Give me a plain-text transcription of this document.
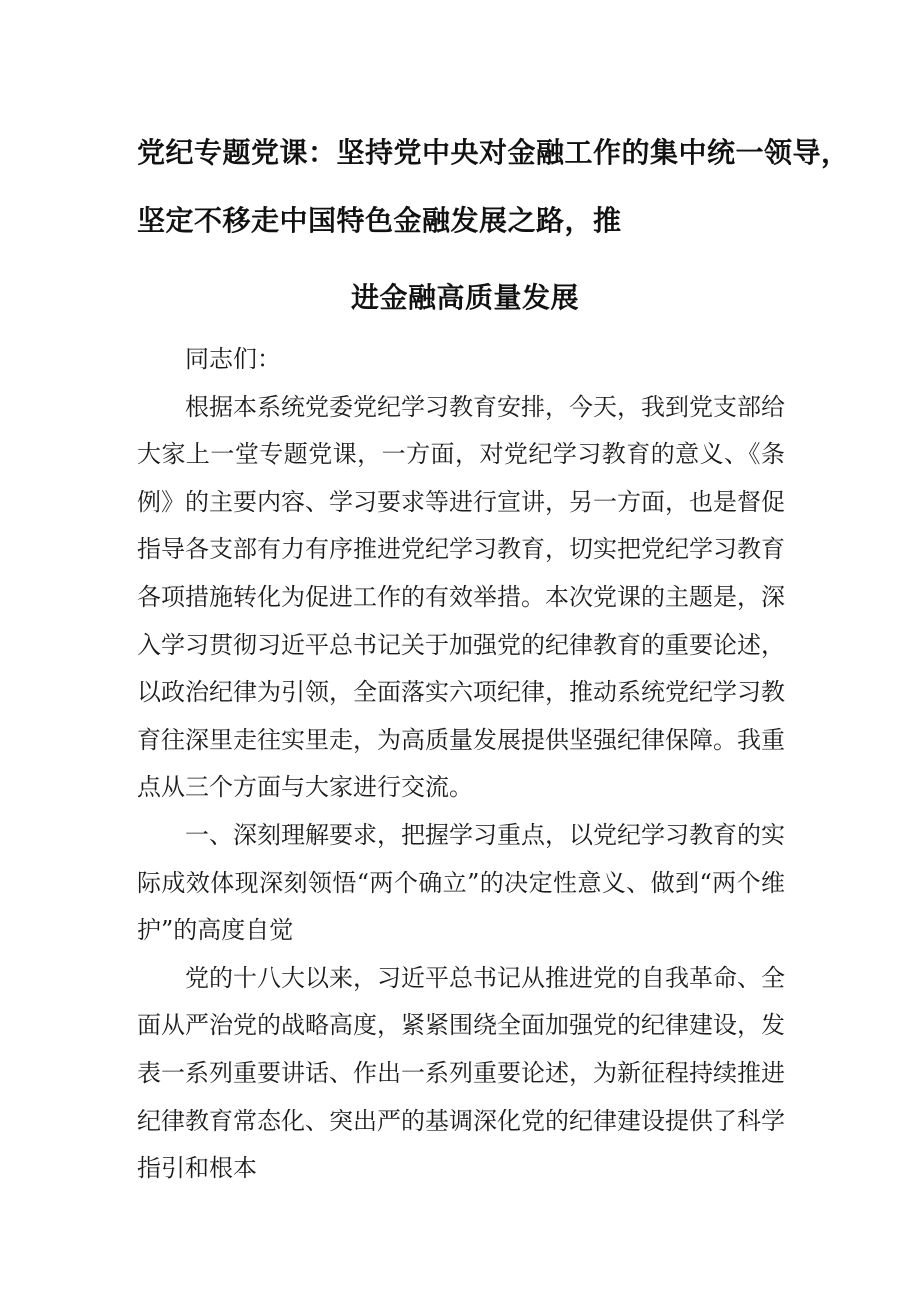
党纪专题党课：坚持党中央对金融工作的集中统一领导，
坚定不移走中国特色金融发展之路，推
进金融高质量发展

同志们：

根据本系统党委党纪学习教育安排，今天，我到党支部给大家上一堂专题党课，一方面，对党纪学习教育的意义、《条例》的主要内容、学习要求等进行宣讲，另一方面，也是督促指导各支部有力有序推进党纪学习教育，切实把党纪学习教育各项措施转化为促进工作的有效举措。本次党课的主题是，深入学习贯彻习近平总书记关于加强党的纪律教育的重要论述，以政治纪律为引领，全面落实六项纪律，推动系统党纪学习教育往深里走往实里走，为高质量发展提供坚强纪律保障。我重点从三个方面与大家进行交流。

一、深刻理解要求，把握学习重点，以党纪学习教育的实际成效体现深刻领悟“两个确立”的决定性意义、做到“两个维护”的高度自觉

党的十八大以来，习近平总书记从推进党的自我革命、全面从严治党的战略高度，紧紧围绕全面加强党的纪律建设，发表一系列重要讲话、作出一系列重要论述，为新征程持续推进纪律教育常态化、突出严的基调深化党的纪律建设提供了科学指引和根本
